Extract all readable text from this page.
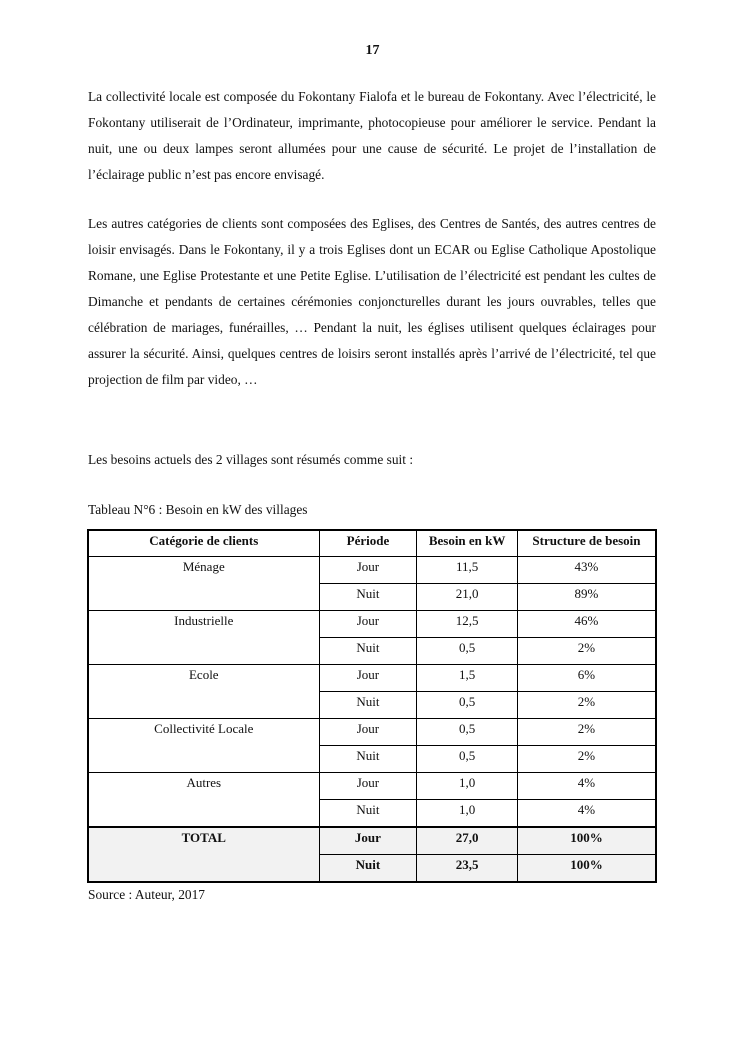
17

La collectivité locale est composée du Fokontany Fialofa et le bureau de Fokontany. Avec l’électricité, le Fokontany utiliserait de l’Ordinateur, imprimante, photocopieuse pour améliorer le service. Pendant la nuit, une ou deux lampes seront allumées pour une cause de sécurité. Le projet de l’installation de l’éclairage public n’est pas encore envisagé.

Les autres catégories de clients sont composées des Eglises, des Centres de Santés, des autres centres de loisir envisagés. Dans le Fokontany, il y a trois Eglises dont un ECAR ou Eglise Catholique Apostolique Romane, une Eglise Protestante et une Petite Eglise. L’utilisation de l’électricité est pendant les cultes de Dimanche et pendants de certaines cérémonies conjoncturelles durant les jours ouvrables, telles que célébration de mariages, funérailles, … Pendant la nuit, les églises utilisent quelques éclairages pour assurer la sécurité. Ainsi, quelques centres de loisirs seront installés après l’arrivé de l’électricité, tel que projection de film par video, …

Les besoins actuels des 2 villages sont résumés comme suit :

Tableau N°6 : Besoin en kW des villages
Catégorie de clients	Période	Besoin en kW	Structure de besoin
Ménage	Jour	11,5	43%
	Nuit	21,0	89%
Industrielle	Jour	12,5	46%
	Nuit	0,5	2%
Ecole	Jour	1,5	6%
	Nuit	0,5	2%
Collectivité Locale	Jour	0,5	2%
	Nuit	0,5	2%
Autres	Jour	1,0	4%
	Nuit	1,0	4%
TOTAL	Jour	27,0	100%
	Nuit	23,5	100%
Source : Auteur, 2017
